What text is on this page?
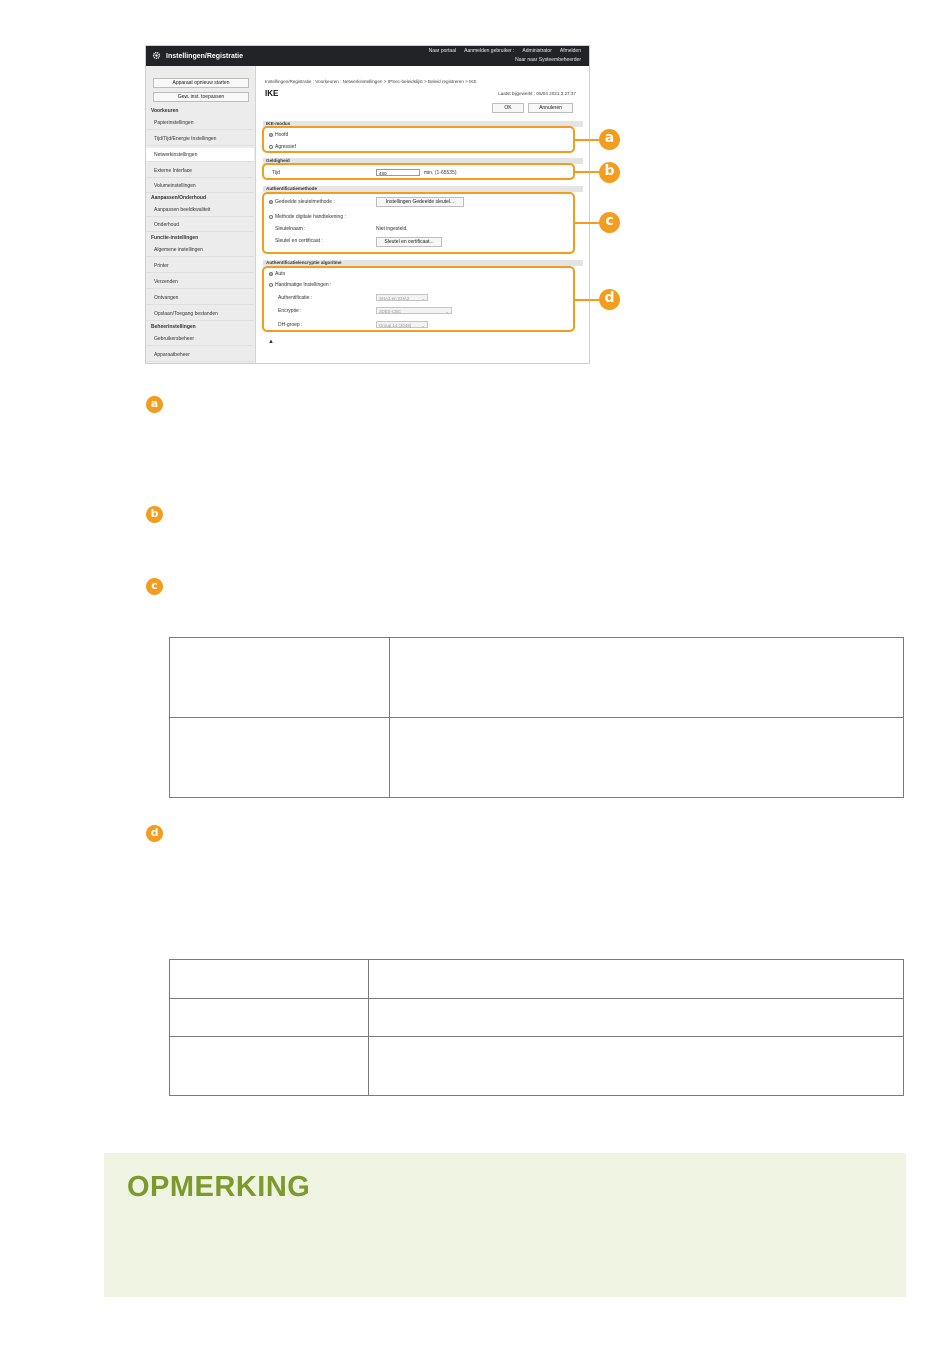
Instellingen/Registratie
Naar portaal Aanmelden gebruiker : Administrator Afmelden
Naar naar Systeembeheerder
Apparaat opnieuw starten
Gew. inst. toepassen
Voorkeuren
Papierinstellingen
Tijd/Tijd/Energie Instellingen
Netwerkinstellingen
Externe Interface
Volumeinstellingen
Aanpassen/Onderhoud
Aanpassen beeldkwaliteit
Onderhoud
Functie-instellingen
Algemene instellingen
Printer
Verzenden
Ontvangen
Opslaan/Toegang bestanden
Beheerinstellingen
Gebruikersbeheer
Apparaatbeheer
Instellingen/Registratie : Voorkeuren : Netwerkinstellingen > IPSec-beleidslijst > Beleid registreren > IKE
IKE	Laatst bijgewerkt : 05/04 2021 3:27:37
OK	Annuleren
IKE-modus
Hoofd
Agressief
Geldigheid
Tijd	480	min. (1-65535)
Authentificatiemethode
Gedeelde sleutelmethode :	Instellingen Gedeelde sleutel...
Methode digitale handtekening :
Sleutelnaam :	Niet ingesteld.
Sleutel en certificaat :	Sleutel en certificaat...
Authentificatie/encryptie algoritme
Auto
Handmatige Instellingen :
Authentificatie :	SHA1 en SHA2	⌄
Encryptie :	3DES-CBC	⌄
DH-groep :	Group 14 (2048) ⌄
▲
a
b
c
d
a
b
c
d
OPMERKING
